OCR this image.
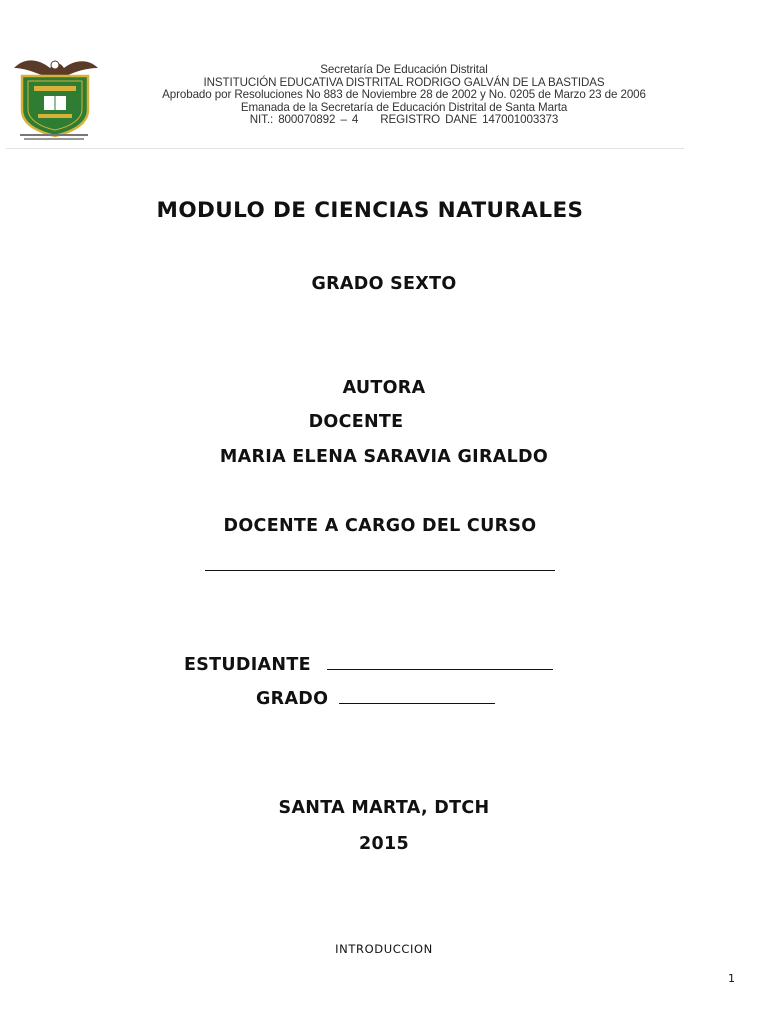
Secretaría De Educación Distrital
INSTITUCIÓN EDUCATIVA DISTRITAL RODRIGO GALVÁN DE LA BASTIDAS
Aprobado por Resoluciones No 883 de Noviembre 28 de 2002 y No. 0205 de Marzo 23 de 2006
Emanada de la Secretaría de Educación Distrital de Santa Marta
NIT.: 800070892 – 4 REGISTRO DANE 147001003373
MODULO DE CIENCIAS NATURALES
GRADO SEXTO
AUTORA
DOCENTE
MARIA ELENA SARAVIA GIRALDO
DOCENTE A CARGO DEL CURSO
ESTUDIANTE
GRADO
SANTA MARTA, DTCH
2015
INTRODUCCION
1
